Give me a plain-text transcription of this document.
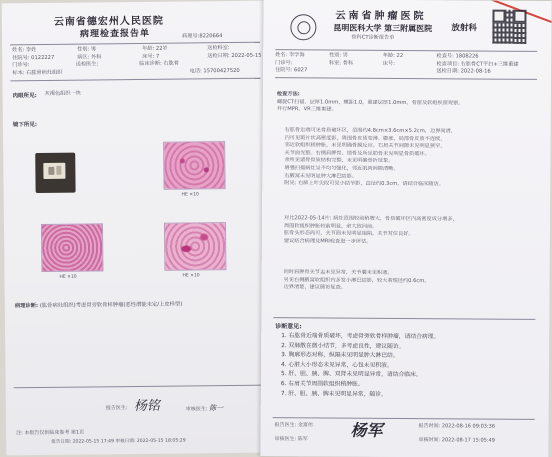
云南省德宏州人民医院
病理检查报告单	病理号:8220664
姓名: 李姓	性别: 男	年龄: 22岁	送检科室:
住院号: 0122227	病区: 外科	床号: 7	送检日期: 2022-05-15
门诊号:	送检医生:	临床诊断: 右肱骨
标本: 右肱骨病灶组织	电话: 15700427520
肉眼所见: 灰褐色组织一块
镜下所见:
HE ×10
HE ×10	HE ×10
病理诊断: (肱骨病灶组织)考虑骨旁软骨样肿瘤(恶性潜能未定/上皮样型)
报告医生: 杨铭	审核医生: 陈一
注: 本报告仅供临床参考 第1页
报告日期: 2022-05-15 17:49 审核日期: 2022-05-15 18:05:29
云南省肿瘤医院
昆明医科大学 第三附属医院 放射科
骨科CT诊断报告单
姓名: 李学海	性别: 男	年龄: 22	检查号: 1808226
门诊号:	科室: 骨科	床号:	检查项目: 右肱骨CT平扫+三维重建
住院号: 6027	送检日期: 2022-08-16
检查方法:
螺旋CT扫描，层厚1.0mm，螺距1.0，重建层厚1.0mm，骨窗及软组织窗观察。
并行MPR、VR三维重建。
右肱骨近端可见骨质破坏区，范围约4.8cm×3.6cm×5.2cm，边界尚清，
内可见斑片状高密度影，周围骨皮质变薄、膨胀，局部骨皮质不连续，
邻近软组织稍肿胀，未见明确骨膜反应。右肩关节间隙未见明显狭窄，
关节面光整。右侧肩胛骨、锁骨及所见肋骨未见明显骨质破坏。
余所见诸骨骨质结构完整，未见明确骨折征象。
增强扫描病灶呈不均匀强化，邻近肌肉间隙清晰。
右腋窝未见明显肿大淋巴结影。
附见: 右肺上叶尖段可见小结节影，直径约0.3cm，请结合临床随访。
对比2022-05-14片: 病灶范围较前稍增大，骨质破坏区内高密度成分增多，
周围软组织肿胀较前明显，余大致同前。
肱骨头形态尚可，关节面未见明显塌陷，关节对位良好。
建议结合病理及MRI检查进一步评估。
同时肩胛骨关节盂未见异常，关节囊未见积液。
另见右侧腋窝软组织内多发小淋巴结影，较大者短径约0.6cm，
边界清楚，建议随访复查。
诊断意见:
1. 右肱骨近端骨质破坏，考虑骨旁软骨样肿瘤，请结合病理。
2. 双肺散在微小结节，多考虑良性，建议随访。
3. 胸廓形态对称，纵隔未见明显肿大淋巴结。
4. 心脏大小形态未见异常，心包未见积液。
5. 肝、胆、胰、脾、双肾未见明显异常，请结合临床。
6. 右肩关节周围软组织稍肿胀。
7. 肝、胆、胰、脾未见明显异常，随诊。
报告医生: 金富伟
审核医生: 陈军	杨军	报告时间: 2022-08-16 09:03:36
审核时间: 2022-08-17 15:05:49
